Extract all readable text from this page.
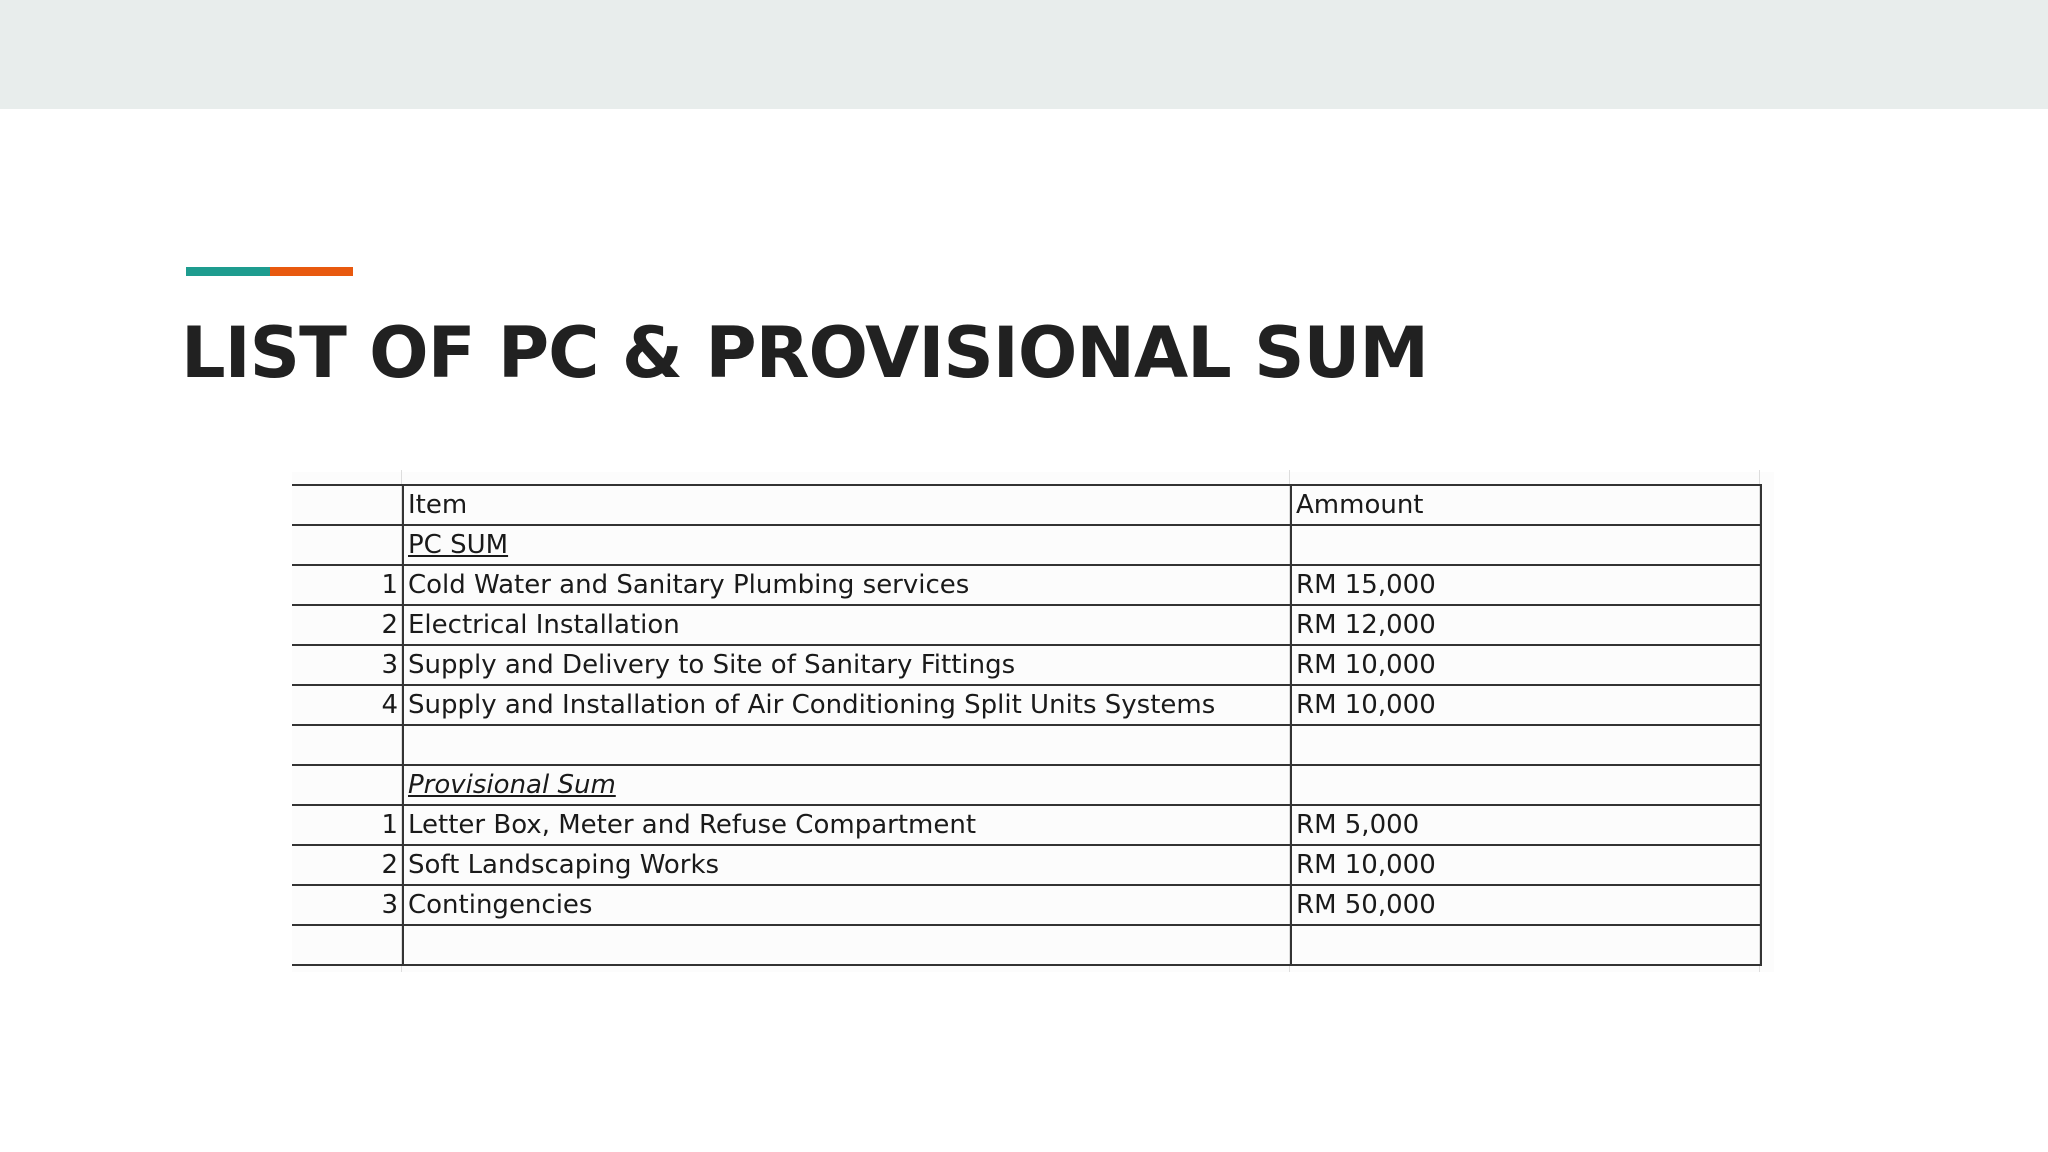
LIST OF PC & PROVISIONAL SUM
	Item	Ammount
	PC SUM	
1	Cold Water and Sanitary Plumbing services	RM 15,000
2	Electrical Installation	RM 12,000
3	Supply and Delivery to Site of Sanitary Fittings	RM 10,000
4	Supply and Installation of Air Conditioning Split Units Systems	RM 10,000

	Provisional Sum	
1	Letter Box, Meter and Refuse Compartment	RM 5,000
2	Soft Landscaping Works	RM 10,000
3	Contingencies	RM 50,000
